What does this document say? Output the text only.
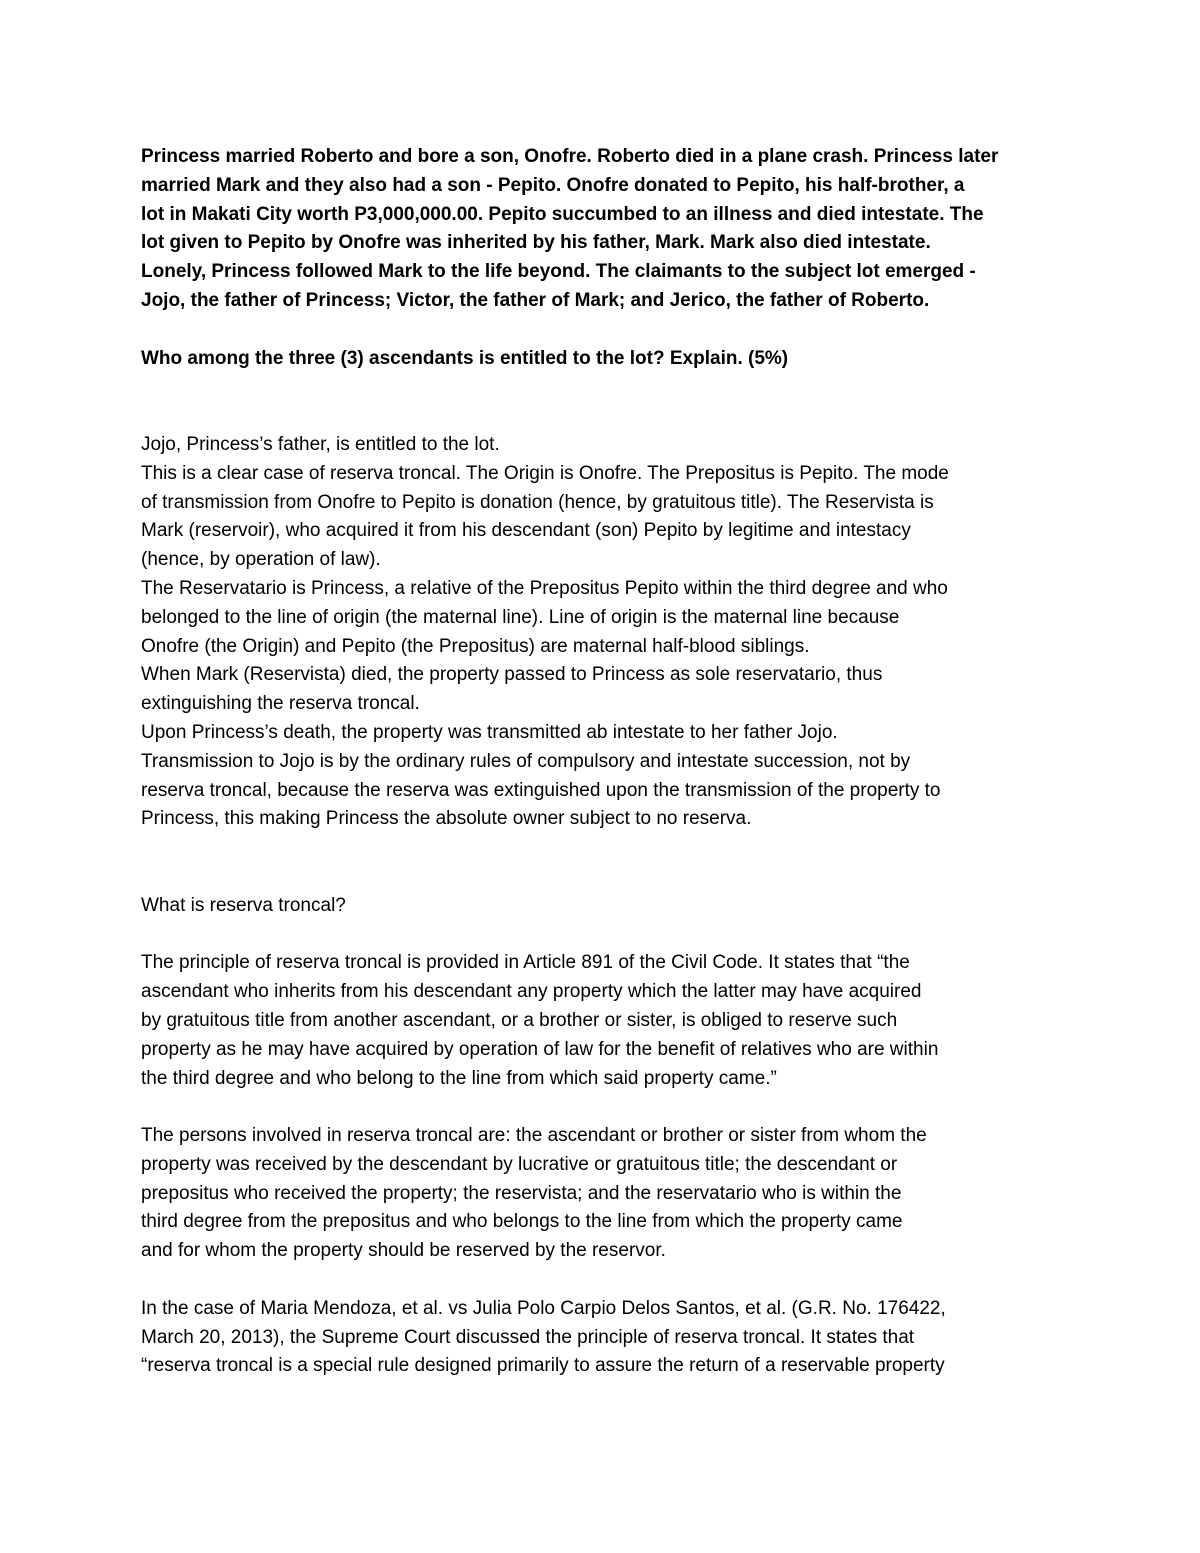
Princess married Roberto and bore a son, Onofre. Roberto died in a plane crash. Princess later
married Mark and they also had a son - Pepito. Onofre donated to Pepito, his half-brother, a
lot in Makati City worth P3,000,000.00. Pepito succumbed to an illness and died intestate. The
lot given to Pepito by Onofre was inherited by his father, Mark. Mark also died intestate.
Lonely, Princess followed Mark to the life beyond. The claimants to the subject lot emerged -
Jojo, the father of Princess; Victor, the father of Mark; and Jerico, the father of Roberto.
Who among the three (3) ascendants is entitled to the lot? Explain. (5%)
Jojo, Princess’s father, is entitled to the lot.
This is a clear case of reserva troncal. The Origin is Onofre. The Prepositus is Pepito. The mode
of transmission from Onofre to Pepito is donation (hence, by gratuitous title). The Reservista is
Mark (reservoir), who acquired it from his descendant (son) Pepito by legitime and intestacy
(hence, by operation of law).
The Reservatario is Princess, a relative of the Prepositus Pepito within the third degree and who
belonged to the line of origin (the maternal line). Line of origin is the maternal line because
Onofre (the Origin) and Pepito (the Prepositus) are maternal half-blood siblings.
When Mark (Reservista) died, the property passed to Princess as sole reservatario, thus
extinguishing the reserva troncal.
Upon Princess’s death, the property was transmitted ab intestate to her father Jojo.
Transmission to Jojo is by the ordinary rules of compulsory and intestate succession, not by
reserva troncal, because the reserva was extinguished upon the transmission of the property to
Princess, this making Princess the absolute owner subject to no reserva.
What is reserva troncal?
The principle of reserva troncal is provided in Article 891 of the Civil Code. It states that “the
ascendant who inherits from his descendant any property which the latter may have acquired
by gratuitous title from another ascendant, or a brother or sister, is obliged to reserve such
property as he may have acquired by operation of law for the benefit of relatives who are within
the third degree and who belong to the line from which said property came.”
The persons involved in reserva troncal are: the ascendant or brother or sister from whom the
property was received by the descendant by lucrative or gratuitous title; the descendant or
prepositus who received the property; the reservista; and the reservatario who is within the
third degree from the prepositus and who belongs to the line from which the property came
and for whom the property should be reserved by the reservor.
In the case of Maria Mendoza, et al. vs Julia Polo Carpio Delos Santos, et al. (G.R. No. 176422,
March 20, 2013), the Supreme Court discussed the principle of reserva troncal. It states that
“reserva troncal is a special rule designed primarily to assure the return of a reservable property
